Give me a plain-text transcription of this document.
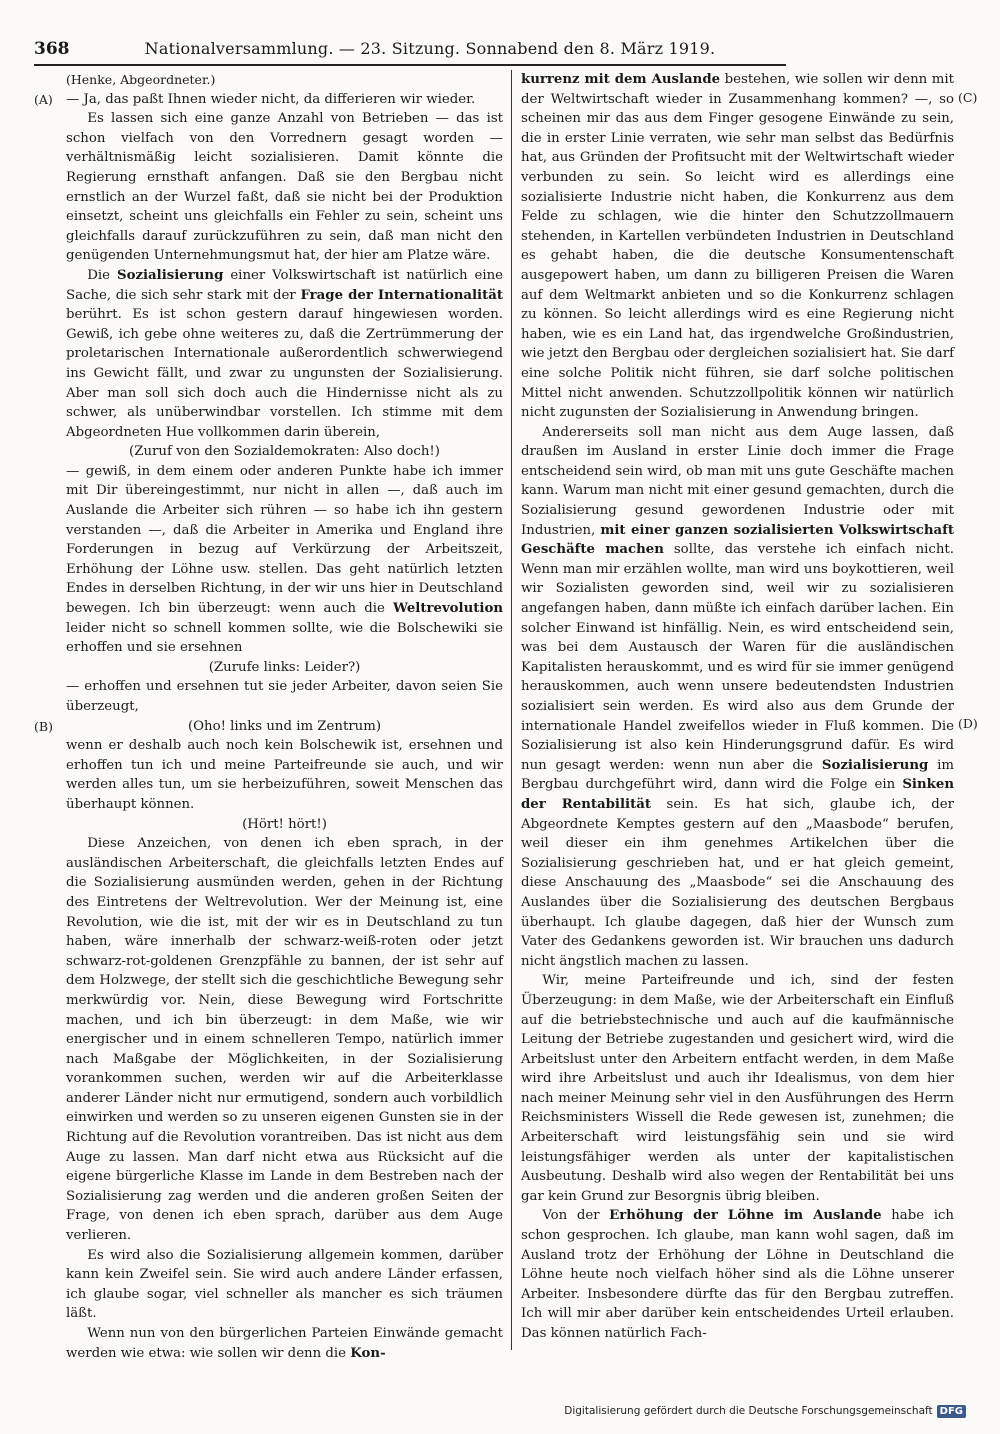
368	Nationalversammlung. — 23. Sitzung. Sonnabend den 8. März 1919.
(A)
(B)
(C)
(D)

(Henke, Abgeordneter.)

— Ja, das paßt Ihnen wieder nicht, da differieren wir wieder.

Es lassen sich eine ganze Anzahl von Betrieben — das ist schon vielfach von den Vorrednern gesagt worden — verhältnismäßig leicht sozialisieren. Damit könnte die Regierung ernsthaft anfangen. Daß sie den Bergbau nicht ernstlich an der Wurzel faßt, daß sie nicht bei der Produktion einsetzt, scheint uns gleichfalls ein Fehler zu sein, scheint uns gleichfalls darauf zurückzuführen zu sein, daß man nicht den genügenden Unternehmungsmut hat, der hier am Platze wäre.

Die Sozialisierung einer Volkswirtschaft ist natürlich eine Sache, die sich sehr stark mit der Frage der Internationalität berührt. Es ist schon gestern darauf hingewiesen worden. Gewiß, ich gebe ohne weiteres zu, daß die Zertrümmerung der proletarischen Internationale außerordentlich schwerwiegend ins Gewicht fällt, und zwar zu ungunsten der Sozialisierung. Aber man soll sich doch auch die Hindernisse nicht als zu schwer, als unüberwindbar vorstellen. Ich stimme mit dem Abgeordneten Hue vollkommen darin überein,

(Zuruf von den Sozialdemokraten: Also doch!)

— gewiß, in dem einem oder anderen Punkte habe ich immer mit Dir übereingestimmt, nur nicht in allen —, daß auch im Auslande die Arbeiter sich rühren — so habe ich ihn gestern verstanden —, daß die Arbeiter in Amerika und England ihre Forderungen in bezug auf Verkürzung der Arbeitszeit, Erhöhung der Löhne usw. stellen. Das geht natürlich letzten Endes in derselben Richtung, in der wir uns hier in Deutschland bewegen. Ich bin überzeugt: wenn auch die Weltrevolution leider nicht so schnell kommen sollte, wie die Bolschewiki sie erhoffen und sie ersehnen

(Zurufe links: Leider?)

— erhoffen und ersehnen tut sie jeder Arbeiter, davon seien Sie überzeugt,

(Oho! links und im Zentrum)

wenn er deshalb auch noch kein Bolschewik ist, ersehnen und erhoffen tun ich und meine Parteifreunde sie auch, und wir werden alles tun, um sie herbeizuführen, soweit Menschen das überhaupt können.

(Hört! hört!)

Diese Anzeichen, von denen ich eben sprach, in der ausländischen Arbeiterschaft, die gleichfalls letzten Endes auf die Sozialisierung ausmünden werden, gehen in der Richtung des Eintretens der Weltrevolution. Wer der Meinung ist, eine Revolution, wie die ist, mit der wir es in Deutschland zu tun haben, wäre innerhalb der schwarz-weiß-roten oder jetzt schwarz-rot-goldenen Grenzpfähle zu bannen, der ist sehr auf dem Holzwege, der stellt sich die geschichtliche Bewegung sehr merkwürdig vor. Nein, diese Bewegung wird Fortschritte machen, und ich bin überzeugt: in dem Maße, wie wir energischer und in einem schnelleren Tempo, natürlich immer nach Maßgabe der Möglichkeiten, in der Sozialisierung vorankommen suchen, werden wir auf die Arbeiterklasse anderer Länder nicht nur ermutigend, sondern auch vorbildlich einwirken und werden so zu unseren eigenen Gunsten sie in der Richtung auf die Revolution vorantreiben. Das ist nicht aus dem Auge zu lassen. Man darf nicht etwa aus Rücksicht auf die eigene bürgerliche Klasse im Lande in dem Bestreben nach der Sozialisierung zag werden und die anderen großen Seiten der Frage, von denen ich eben sprach, darüber aus dem Auge verlieren.

Es wird also die Sozialisierung allgemein kommen, darüber kann kein Zweifel sein. Sie wird auch andere Länder erfassen, ich glaube sogar, viel schneller als mancher es sich träumen läßt.

Wenn nun von den bürgerlichen Parteien Einwände gemacht werden wie etwa: wie sollen wir denn die Kon-

kurrenz mit dem Auslande bestehen, wie sollen wir denn mit der Weltwirtschaft wieder in Zusammenhang kommen? —, so scheinen mir das aus dem Finger gesogene Einwände zu sein, die in erster Linie verraten, wie sehr man selbst das Bedürfnis hat, aus Gründen der Profitsucht mit der Weltwirtschaft wieder verbunden zu sein. So leicht wird es allerdings eine sozialisierte Industrie nicht haben, die Konkurrenz aus dem Felde zu schlagen, wie die hinter den Schutzzollmauern stehenden, in Kartellen verbündeten Industrien in Deutschland es gehabt haben, die die deutsche Konsumentenschaft ausgepowert haben, um dann zu billigeren Preisen die Waren auf dem Weltmarkt anbieten und so die Konkurrenz schlagen zu können. So leicht allerdings wird es eine Regierung nicht haben, wie es ein Land hat, das irgendwelche Großindustrien, wie jetzt den Bergbau oder dergleichen sozialisiert hat. Sie darf eine solche Politik nicht führen, sie darf solche politischen Mittel nicht anwenden. Schutzzollpolitik können wir natürlich nicht zugunsten der Sozialisierung in Anwendung bringen.

Andererseits soll man nicht aus dem Auge lassen, daß draußen im Ausland in erster Linie doch immer die Frage entscheidend sein wird, ob man mit uns gute Geschäfte machen kann. Warum man nicht mit einer gesund gemachten, durch die Sozialisierung gesund gewordenen Industrie oder mit Industrien, mit einer ganzen sozialisierten Volkswirtschaft Geschäfte machen sollte, das verstehe ich einfach nicht. Wenn man mir erzählen wollte, man wird uns boykottieren, weil wir Sozialisten geworden sind, weil wir zu sozialisieren angefangen haben, dann müßte ich einfach darüber lachen. Ein solcher Einwand ist hinfällig. Nein, es wird entscheidend sein, was bei dem Austausch der Waren für die ausländischen Kapitalisten herauskommt, und es wird für sie immer genügend herauskommen, auch wenn unsere bedeutendsten Industrien sozialisiert sein werden. Es wird also aus dem Grunde der internationale Handel zweifellos wieder in Fluß kommen. Die Sozialisierung ist also kein Hinderungsgrund dafür. Es wird nun gesagt werden: wenn nun aber die Sozialisierung im Bergbau durchgeführt wird, dann wird die Folge ein Sinken der Rentabilität sein. Es hat sich, glaube ich, der Abgeordnete Kemptes gestern auf den „Maasbode“ berufen, weil dieser ein ihm genehmes Artikelchen über die Sozialisierung geschrieben hat, und er hat gleich gemeint, diese Anschauung des „Maasbode“ sei die Anschauung des Auslandes über die Sozialisierung des deutschen Bergbaus überhaupt. Ich glaube dagegen, daß hier der Wunsch zum Vater des Gedankens geworden ist. Wir brauchen uns dadurch nicht ängstlich machen zu lassen.

Wir, meine Parteifreunde und ich, sind der festen Überzeugung: in dem Maße, wie der Arbeiterschaft ein Einfluß auf die betriebstechnische und auch auf die kaufmännische Leitung der Betriebe zugestanden und gesichert wird, wird die Arbeitslust unter den Arbeitern entfacht werden, in dem Maße wird ihre Arbeitslust und auch ihr Idealismus, von dem hier nach meiner Meinung sehr viel in den Ausführungen des Herrn Reichsministers Wissell die Rede gewesen ist, zunehmen; die Arbeiterschaft wird leistungsfähig sein und sie wird leistungsfähiger werden als unter der kapitalistischen Ausbeutung. Deshalb wird also wegen der Rentabilität bei uns gar kein Grund zur Besorgnis übrig bleiben.

Von der Erhöhung der Löhne im Auslande habe ich schon gesprochen. Ich glaube, man kann wohl sagen, daß im Ausland trotz der Erhöhung der Löhne in Deutschland die Löhne heute noch vielfach höher sind als die Löhne unserer Arbeiter. Insbesondere dürfte das für den Bergbau zutreffen. Ich will mir aber darüber kein entscheidendes Urteil erlauben. Das können natürlich Fach-

Digitalisierung gefördert durch die Deutsche Forschungsgemeinschaft DFG
